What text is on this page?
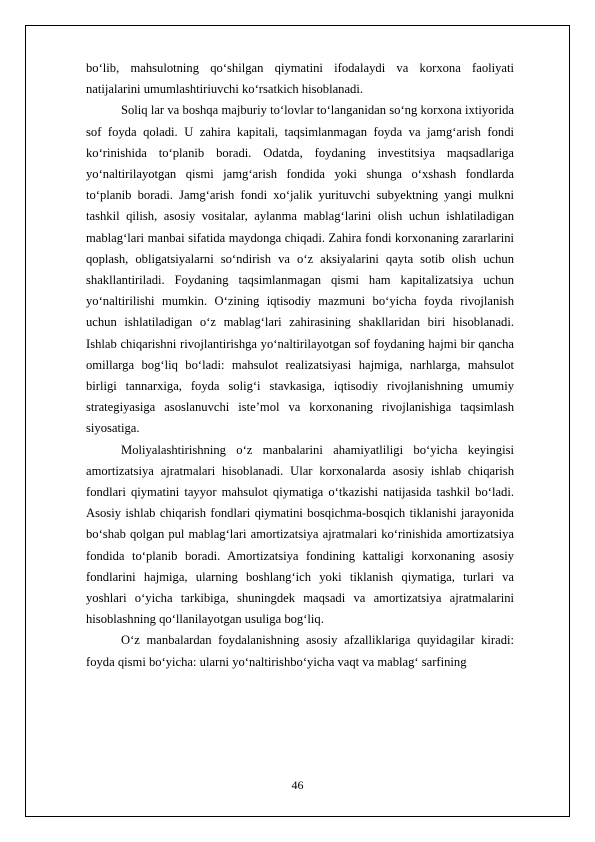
bo‘lib, mahsulotning qo‘shilgan qiymatini ifodalaydi va korxona faoliyati natijalarini umumlashtiriuvchi ko‘rsatkich hisoblanadi.

Soliq lar va boshqa majburiy to‘lovlar to‘langanidan so‘ng korxona ixtiyorida sof foyda qoladi. U zahira kapitali, taqsimlanmagan foyda va jamg‘arish fondi ko‘rinishida to‘planib boradi. Odatda, foydaning investitsiya maqsadlariga yo‘naltirilayotgan qismi jamg‘arish fondida yoki shunga o‘xshash fondlarda to‘planib boradi. Jamg‘arish fondi xo‘jalik yurituvchi subyektning yangi mulkni tashkil qilish, asosiy vositalar, aylanma mablag‘larini olish uchun ishlatiladigan mablag‘lari manbai sifatida maydonga chiqadi. Zahira fondi korxonaning zararlarini qoplash, obligatsiyalarni so‘ndirish va o‘z aksiyalarini qayta sotib olish uchun shakllantiriladi. Foydaning taqsimlanmagan qismi ham kapitalizatsiya uchun yo‘naltirilishi mumkin. O‘zining iqtisodiy mazmuni bo‘yicha foyda rivojlanish uchun ishlatiladigan o‘z mablag‘lari zahirasining shakllaridan biri hisoblanadi. Ishlab chiqarishni rivojlantirishga yo‘naltirilayotgan sof foydaning hajmi bir qancha omillarga bog‘liq bo‘ladi: mahsulot realizatsiyasi hajmiga, narhlarga, mahsulot birligi tannarxiga, foyda solig‘i stavkasiga, iqtisodiy rivojlanishning umumiy strategiyasiga asoslanuvchi iste’mol va korxonaning rivojlanishiga taqsimlash siyosatiga.

Moliyalashtirishning o‘z manbalarini ahamiyatliligi bo‘yicha keyingisi amortizatsiya ajratmalari hisoblanadi. Ular korxonalarda asosiy ishlab chiqarish fondlari qiymatini tayyor mahsulot qiymatiga o‘tkazishi natijasida tashkil bo‘ladi. Asosiy ishlab chiqarish fondlari qiymatini bosqichma-bosqich tiklanishi jarayonida bo‘shab qolgan pul mablag‘lari amortizatsiya ajratmalari ko‘rinishida amortizatsiya fondida to‘planib boradi. Amortizatsiya fondining kattaligi korxonaning asosiy fondlarini hajmiga, ularning boshlang‘ich yoki tiklanish qiymatiga, turlari va yoshlari o‘yicha tarkibiga, shuningdek maqsadi va amortizatsiya ajratmalarini hisoblashning qo‘llanilayotgan usuliga bog‘liq.

O‘z manbalardan foydalanishning asosiy afzalliklariga quyidagilar kiradi: foyda qismi bo‘yicha: ularni yo‘naltirishbo‘yicha vaqt va mablag‘ sarfining

46
